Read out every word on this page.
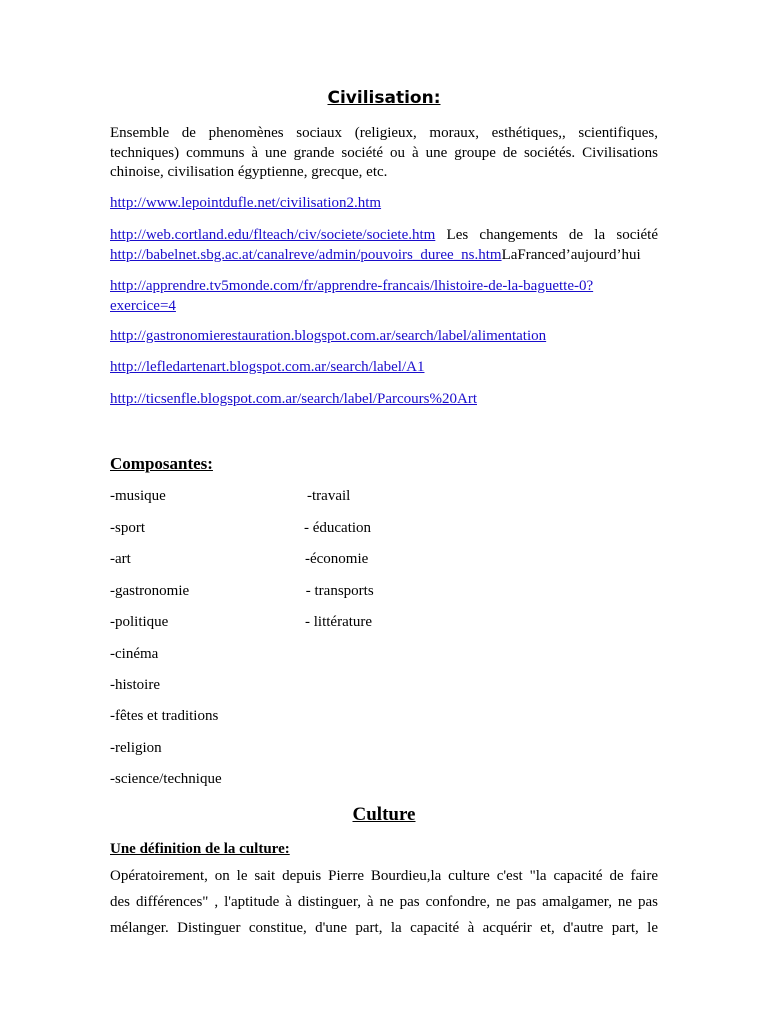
Civilisation:
Ensemble de phenomènes sociaux (religieux, moraux, esthétiques,, scientifiques, techniques) communs à une grande société ou à une groupe de sociétés. Civilisations chinoise, civilisation égyptienne, grecque, etc.
http://www.lepointdufle.net/civilisation2.htm
http://web.cortland.edu/flteach/civ/societe/societe.htm Les changements de la société
http://babelnet.sbg.ac.at/canalreve/admin/pouvoirs_duree_ns.htmLaFranced’aujourd’hui
http://apprendre.tv5monde.com/fr/apprendre-francais/lhistoire-de-la-baguette-0?
exercice=4
http://gastronomierestauration.blogspot.com.ar/search/label/alimentation
http://lefledartenart.blogspot.com.ar/search/label/A1
http://ticsenfle.blogspot.com.ar/search/label/Parcours%20Art
Composantes:
-musique
-sport
-art
-gastronomie
-politique
-cinéma
-histoire
-fêtes et traditions
-religion
-science/technique
-travail
- éducation
-économie
- transports
- littérature
Culture
Une définition de la culture:
Opératoirement, on le sait depuis Pierre Bourdieu,la culture c'est "la capacité de faire
des différences" , l'aptitude à distinguer, à ne pas confondre, ne pas amalgamer, ne pas
mélanger. Distinguer constitue, d'une part, la capacité à acquérir et, d'autre part, le
